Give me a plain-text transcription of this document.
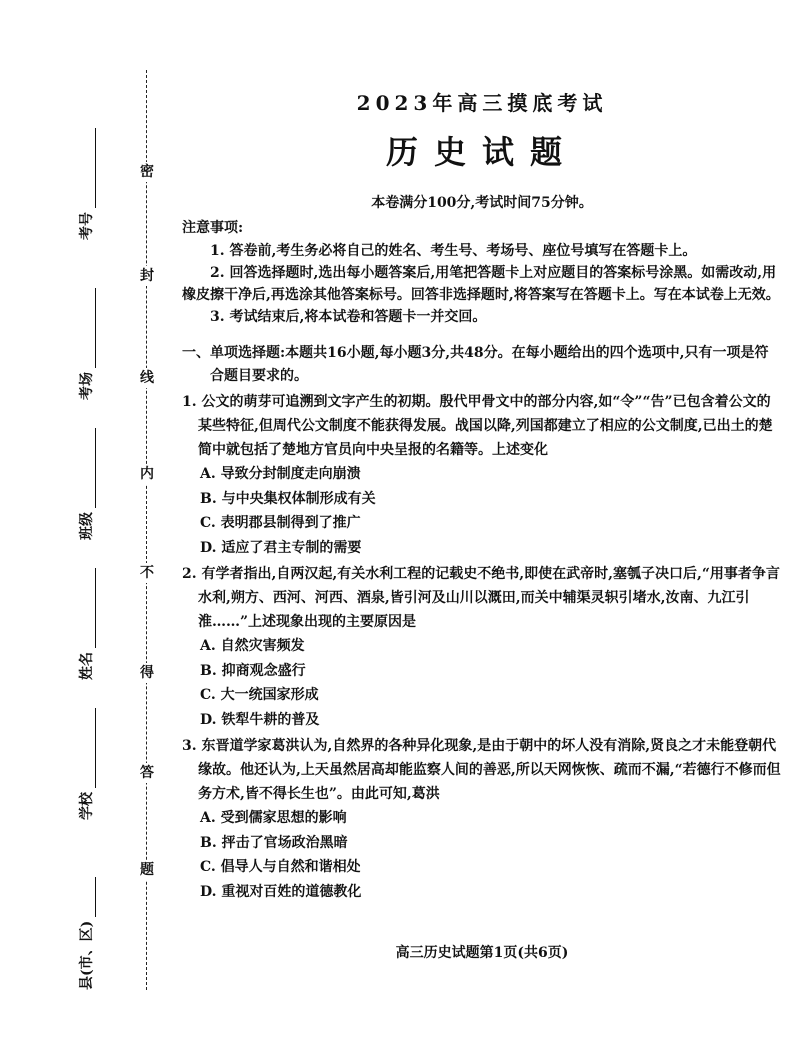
密
封
线
内
不
得
答
题
考号
考场
班级
姓名
学校
县(市、区)
2023年高三摸底考试
历史试题
本卷满分100分,考试时间75分钟。
注意事项:
1. 答卷前,考生务必将自己的姓名、考生号、考场号、座位号填写在答题卡上。
2. 回答选择题时,选出每小题答案后,用笔把答题卡上对应题目的答案标号涂黑。如需改动,用橡皮擦干净后,再选涂其他答案标号。回答非选择题时,将答案写在答题卡上。写在本试卷上无效。
3. 考试结束后,将本试卷和答题卡一并交回。
一、单项选择题:本题共16小题,每小题3分,共48分。在每小题给出的四个选项中,只有一项是符合题目要求的。
1. 公文的萌芽可追溯到文字产生的初期。殷代甲骨文中的部分内容,如“令”“告”已包含着公文的某些特征,但周代公文制度不能获得发展。战国以降,列国都建立了相应的公文制度,已出土的楚简中就包括了楚地方官员向中央呈报的名籍等。上述变化
A. 导致分封制度走向崩溃
B. 与中央集权体制形成有关
C. 表明郡县制得到了推广
D. 适应了君主专制的需要
2. 有学者指出,自两汉起,有关水利工程的记载史不绝书,即使在武帝时,塞瓠子决口后,“用事者争言水利,朔方、西河、河西、酒泉,皆引河及山川以溉田,而关中辅渠灵轵引堵水,汝南、九江引淮……”上述现象出现的主要原因是
A. 自然灾害频发
B. 抑商观念盛行
C. 大一统国家形成
D. 铁犁牛耕的普及
3. 东晋道学家葛洪认为,自然界的各种异化现象,是由于朝中的坏人没有消除,贤良之才未能登朝代缘故。他还认为,上天虽然居高却能监察人间的善恶,所以天网恢恢、疏而不漏,“若德行不修而但务方术,皆不得长生也”。由此可知,葛洪
A. 受到儒家思想的影响
B. 抨击了官场政治黑暗
C. 倡导人与自然和谐相处
D. 重视对百姓的道德教化
高三历史试题第1页(共6页)
